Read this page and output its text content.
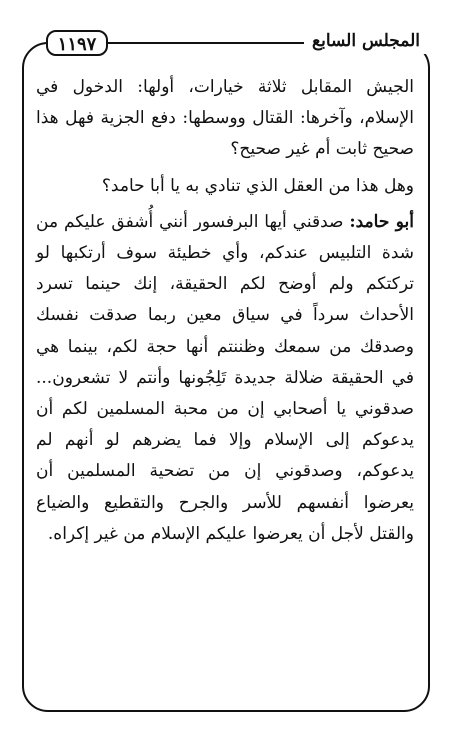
١١٩٧	المجلس السابع

الجيش المقابل ثلاثة خيارات، أولها: الدخول في الإسلام، وآخرها: القتال ووسطها: دفع الجزية فهل هذا صحيح ثابت أم غير صحيح؟

وهل هذا من العقل الذي تنادي به يا أبا حامد؟

أبو حامد: صدقني أيها البرفسور أنني أُشفق عليكم من شدة التلبيس عندكم، وأي خطيئة سوف أرتكبها لو تركتكم ولم أوضح لكم الحقيقة، إنك حينما تسرد الأحداث سرداً في سياق معين ربما صدقت نفسك وصدقك من سمعك وظننتم أنها حجة لكم، بينما هي في الحقيقة ضلالة جديدة تَلِجُونها وأنتم لا تشعرون... صدقوني يا أصحابي إن من محبة المسلمين لكم أن يدعوكم إلى الإسلام وإلا فما يضرهم لو أنهم لم يدعوكم، وصدقوني إن من تضحية المسلمين أن يعرضوا أنفسهم للأسر والجرح والتقطيع والضياع والقتل لأجل أن يعرضوا عليكم الإسلام من غير إكراه.
